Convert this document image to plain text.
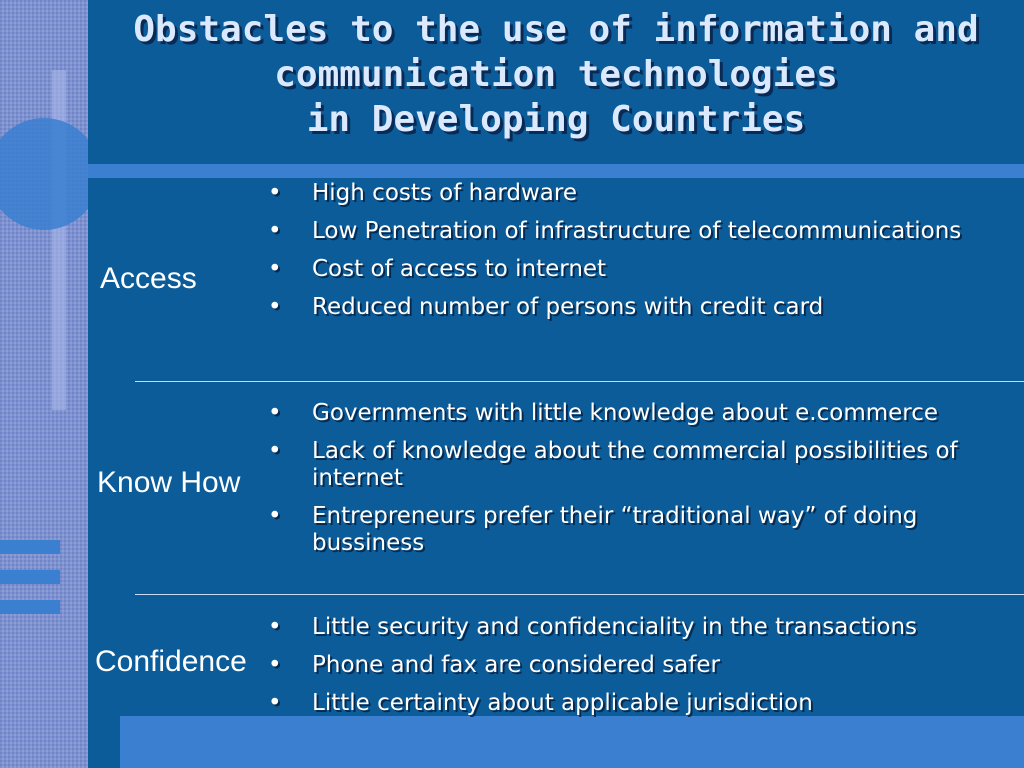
Obstacles to the use of information and
communication technologies
in Developing Countries
Access
• High costs of hardware
• Low Penetration of infrastructure of telecommunications
• Cost of access to internet
• Reduced number of persons with credit card
Know How
• Governments with little knowledge about e.commerce
• Lack of knowledge about the commercial possibilities of internet
• Entrepreneurs prefer their “traditional way” of doing bussiness
Confidence
• Little security and confidenciality in the transactions
• Phone and fax are considered safer
• Little certainty about applicable jurisdiction
